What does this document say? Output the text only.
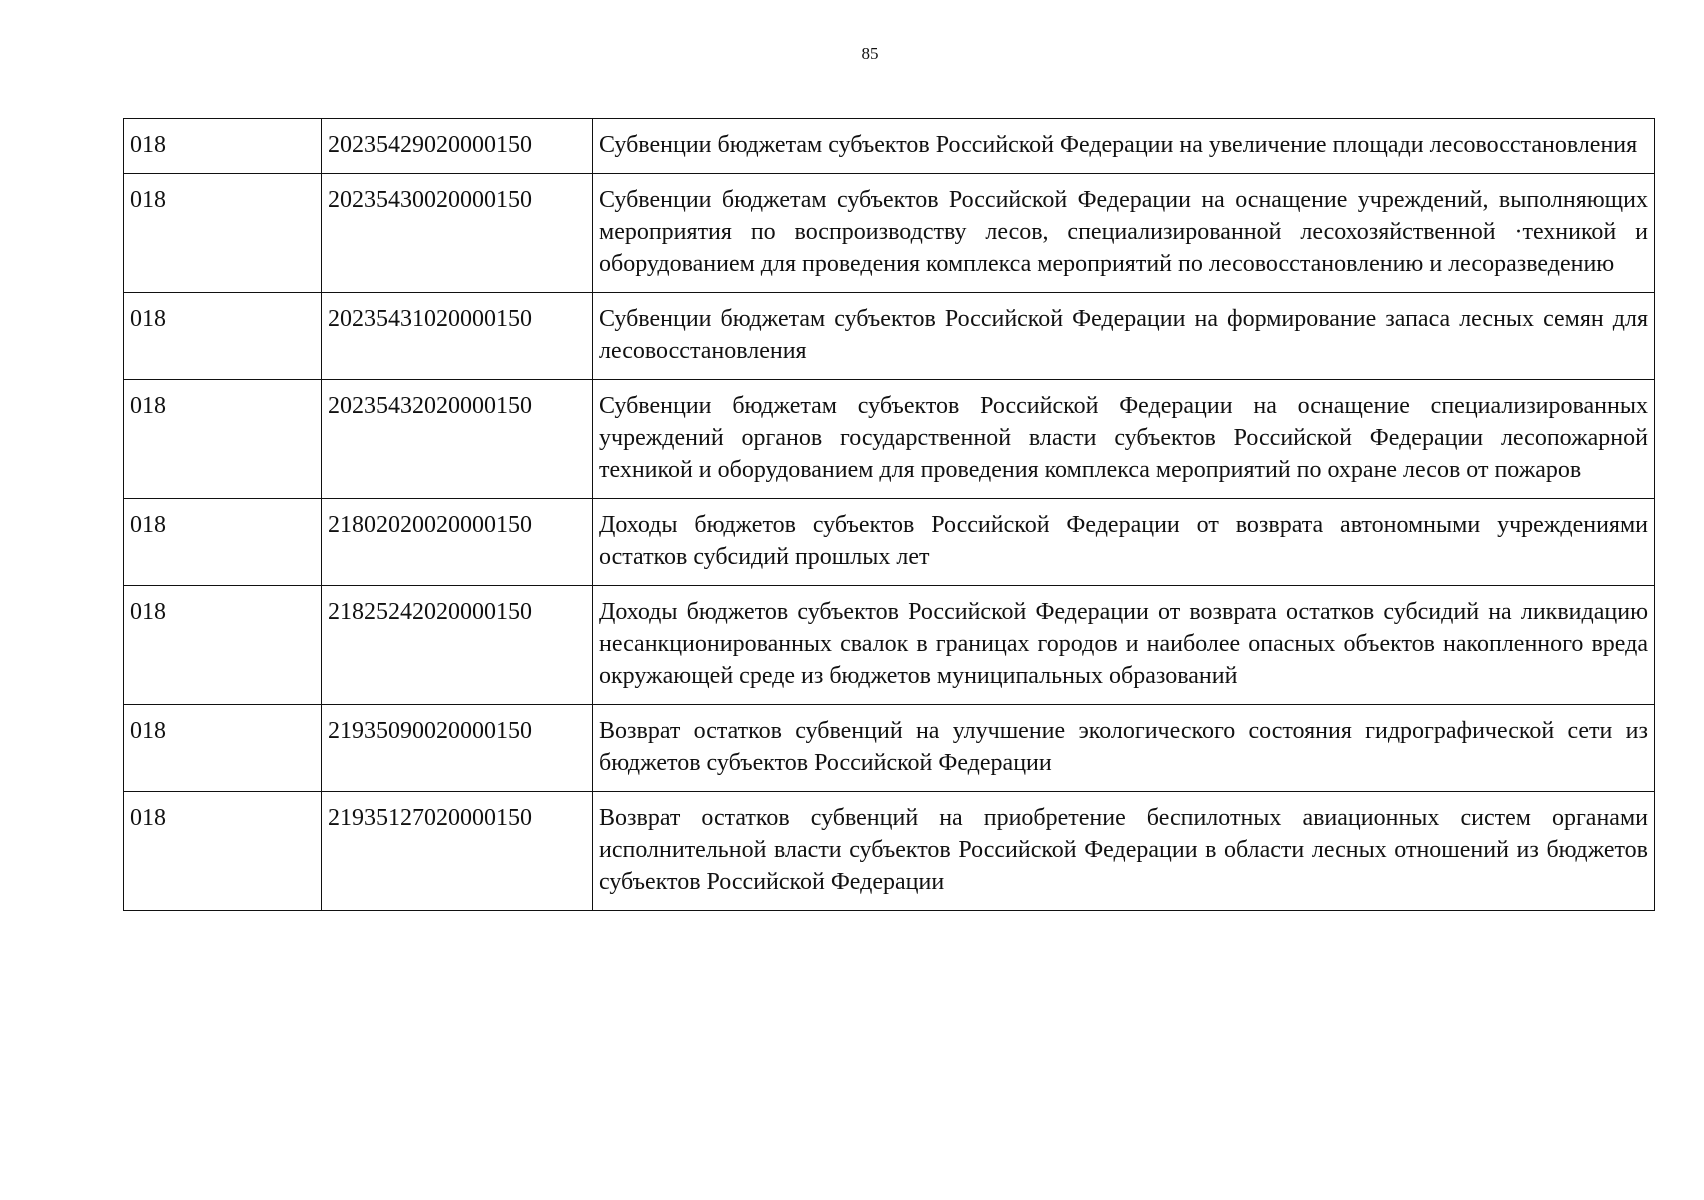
85
018	20235429020000150	Субвенции бюджетам субъектов Российской Федерации на увеличение площади лесовосстановления
018	20235430020000150	Субвенции бюджетам субъектов Российской Федерации на оснащение учреждений, выполняющих мероприятия по воспроизводству лесов, специализированной лесохозяйственной ·техникой и оборудованием для проведения комплекса мероприятий по лесовосстановлению и лесоразведению
018	20235431020000150	Субвенции бюджетам субъектов Российской Федерации на формирование запаса лесных семян для лесовосстановления
018	20235432020000150	Субвенции бюджетам субъектов Российской Федерации на оснащение специализированных учреждений органов государственной власти субъектов Российской Федерации лесопожарной техникой и оборудованием для проведения комплекса мероприятий по охране лесов от пожаров
018	21802020020000150	Доходы бюджетов субъектов Российской Федерации от возврата автономными учреждениями остатков субсидий прошлых лет
018	21825242020000150	Доходы бюджетов субъектов Российской Федерации от возврата остатков субсидий на ликвидацию несанкционированных свалок в границах городов и наиболее опасных объектов накопленного вреда окружающей среде из бюджетов муниципальных образований
018	21935090020000150	Возврат остатков субвенций на улучшение экологического состояния гидрографической сети из бюджетов субъектов Российской Федерации
018	21935127020000150	Возврат остатков субвенций на приобретение беспилотных авиационных систем органами исполнительной власти субъектов Российской Федерации в области лесных отношений из бюджетов субъектов Российской Федерации
